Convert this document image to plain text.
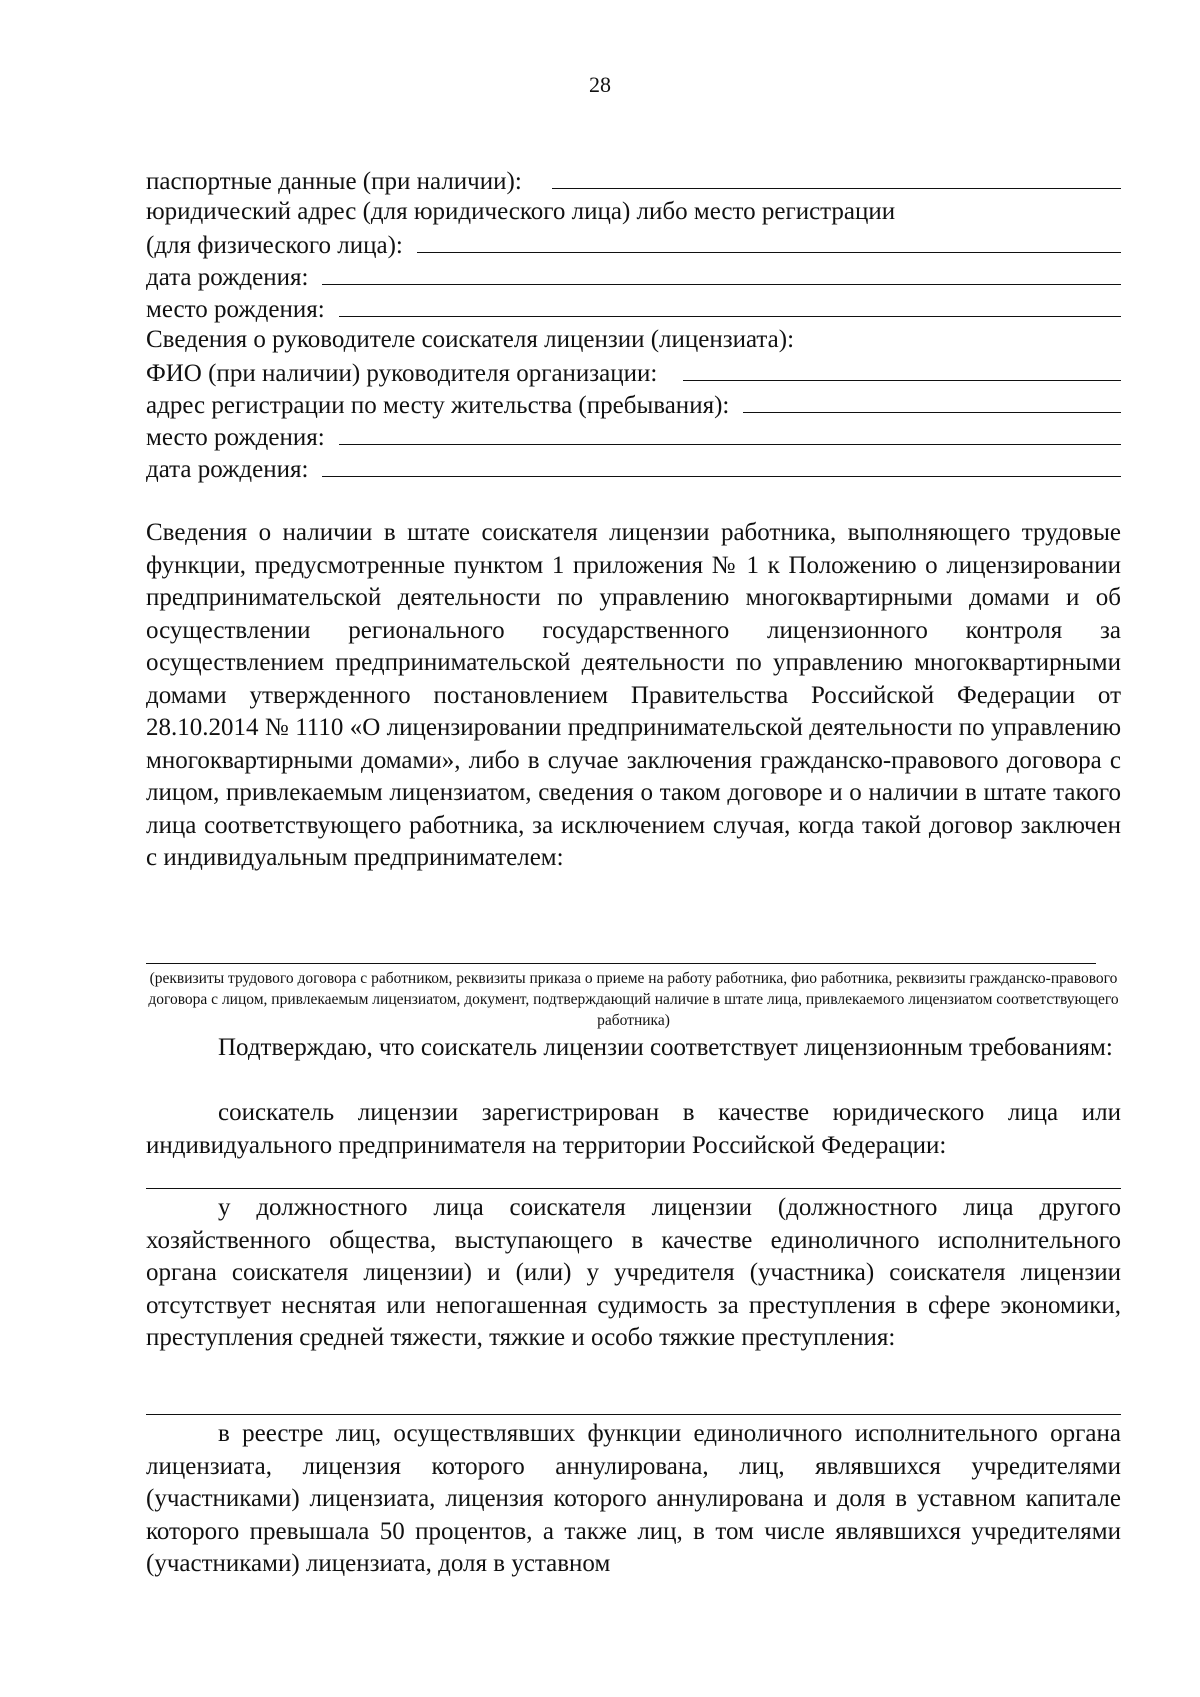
28
паспортные данные (при наличии):
юридический адрес (для юридического лица) либо место регистрации
(для физического лица):
дата рождения:
место рождения:
Сведения о руководителе соискателя лицензии (лицензиата):
ФИО (при наличии) руководителя организации:
адрес регистрации по месту жительства (пребывания):
место рождения:
дата рождения:

Сведения о наличии в штате соискателя лицензии работника, выполняющего трудовые функции, предусмотренные пунктом 1 приложения № 1 к Положению о лицензировании предпринимательской деятельности по управлению многоквартирными домами и об осуществлении регионального государственного лицензионного контроля за осуществлением предпринимательской деятельности по управлению многоквартирными домами утвержденного постановлением Правительства Российской Федерации от 28.10.2014 № 1110 «О лицензировании предпринимательской деятельности по управлению многоквартирными домами», либо в случае заключения гражданско-правового договора с лицом, привлекаемым лицензиатом, сведения о таком договоре и о наличии в штате такого лица соответствующего работника, за исключением случая, когда такой договор заключен с индивидуальным предпринимателем:

(реквизиты трудового договора с работником, реквизиты приказа о приеме на работу работника, фио работника, реквизиты гражданско-правового договора с лицом, привлекаемым лицензиатом, документ, подтверждающий наличие в штате лица, привлекаемого лицензиатом соответствующего работника)

Подтверждаю, что соискатель лицензии соответствует лицензионным требованиям:

соискатель лицензии зарегистрирован в качестве юридического лица или индивидуального предпринимателя на территории Российской Федерации:

у должностного лица соискателя лицензии (должностного лица другого хозяйственного общества, выступающего в качестве единоличного исполнительного органа соискателя лицензии) и (или) у учредителя (участника) соискателя лицензии отсутствует неснятая или непогашенная судимость за преступления в сфере экономики, преступления средней тяжести, тяжкие и особо тяжкие преступления:

в реестре лиц, осуществлявших функции единоличного исполнительного органа лицензиата, лицензия которого аннулирована, лиц, являвшихся учредителями (участниками) лицензиата, лицензия которого аннулирована и доля в уставном капитале которого превышала 50 процентов, а также лиц, в том числе являвшихся учредителями (участниками) лицензиата, доля в уставном
